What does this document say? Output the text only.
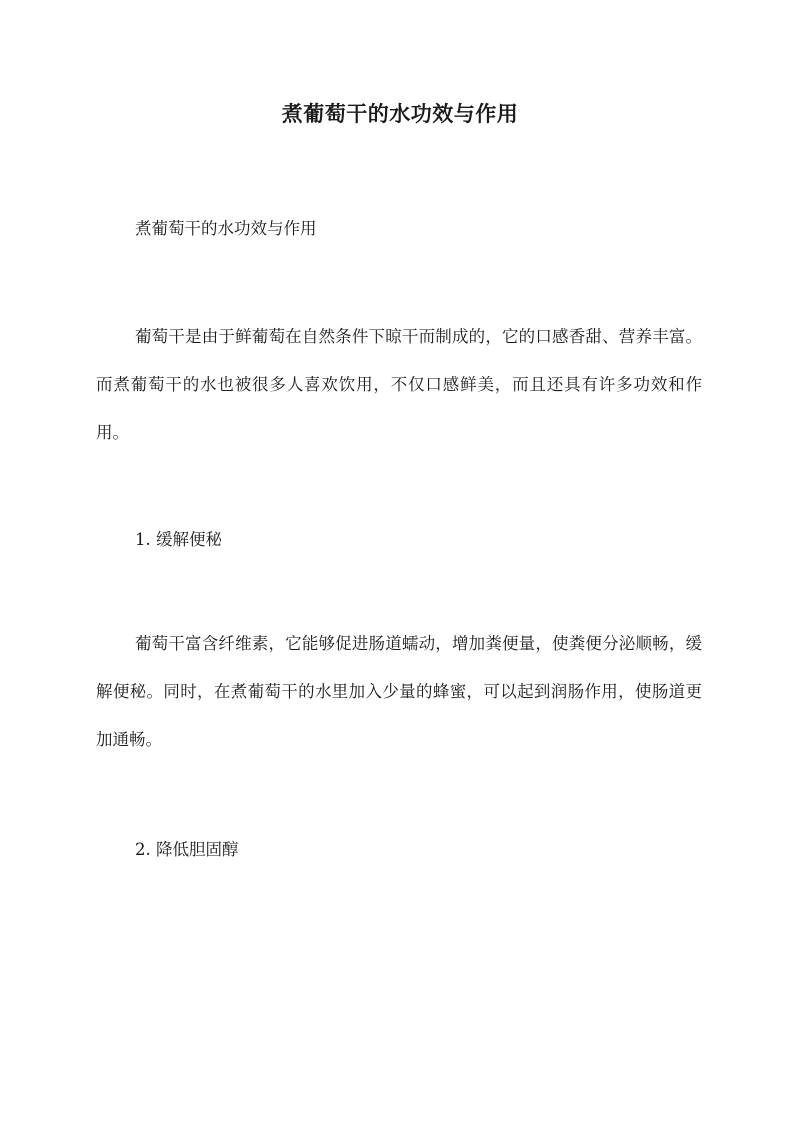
煮葡萄干的水功效与作用

煮葡萄干的水功效与作用

葡萄干是由于鲜葡萄在自然条件下晾干而制成的，它的口感香甜、营养丰富。而煮葡萄干的水也被很多人喜欢饮用，不仅口感鲜美，而且还具有许多功效和作用。

1. 缓解便秘

葡萄干富含纤维素，它能够促进肠道蠕动，增加粪便量，使粪便分泌顺畅，缓解便秘。同时，在煮葡萄干的水里加入少量的蜂蜜，可以起到润肠作用，使肠道更加通畅。

2. 降低胆固醇
